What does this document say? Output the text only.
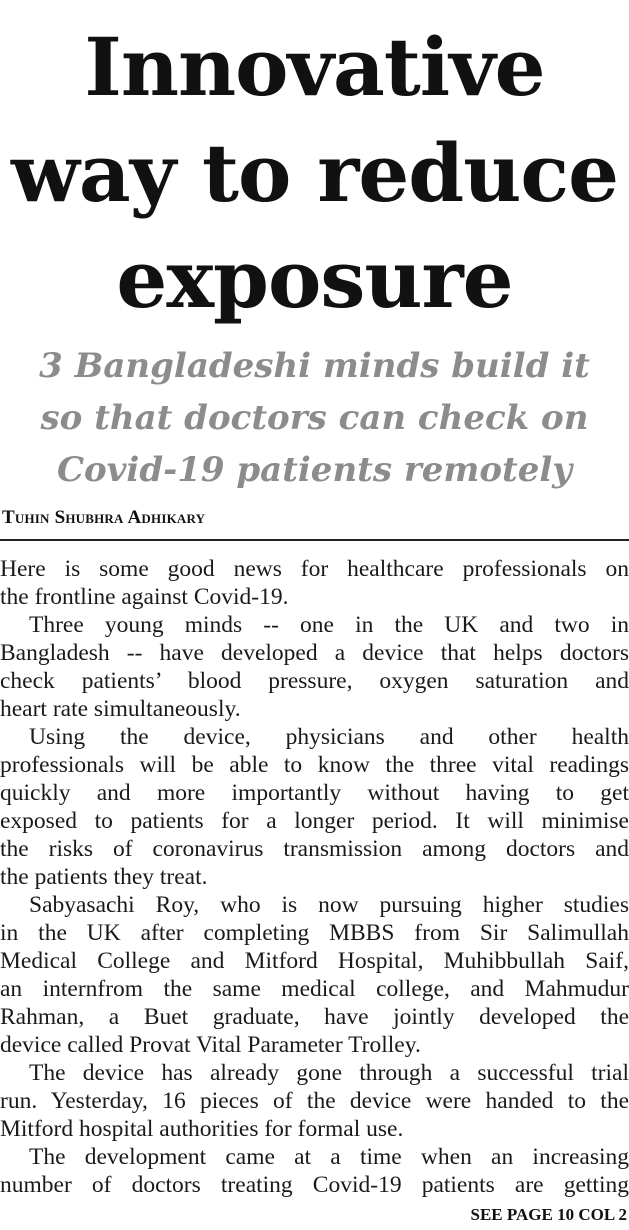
Innovative
way to reduce
exposure
3 Bangladeshi minds build it
so that doctors can check on
Covid-19 patients remotely
Tuhin Shubhra Adhikary

Here is some good news for healthcare professionals on
the frontline against Covid-19.

Three young minds -- one in the UK and two in
Bangladesh -- have developed a device that helps doctors
check patients’ blood pressure, oxygen saturation and
heart rate simultaneously.

Using the device, physicians and other health
professionals will be able to know the three vital readings
quickly and more importantly without having to get
exposed to patients for a longer period. It will minimise
the risks of coronavirus transmission among doctors and
the patients they treat.

Sabyasachi Roy, who is now pursuing higher studies
in the UK after completing MBBS from Sir Salimullah
Medical College and Mitford Hospital, Muhibbullah Saif,
an internfrom the same medical college, and Mahmudur
Rahman, a Buet graduate, have jointly developed the
device called Provat Vital Parameter Trolley.

The device has already gone through a successful trial
run. Yesterday, 16 pieces of the device were handed to the
Mitford hospital authorities for formal use.

The development came at a time when an increasing
number of doctors treating Covid-19 patients are getting

SEE PAGE 10 COL 2
